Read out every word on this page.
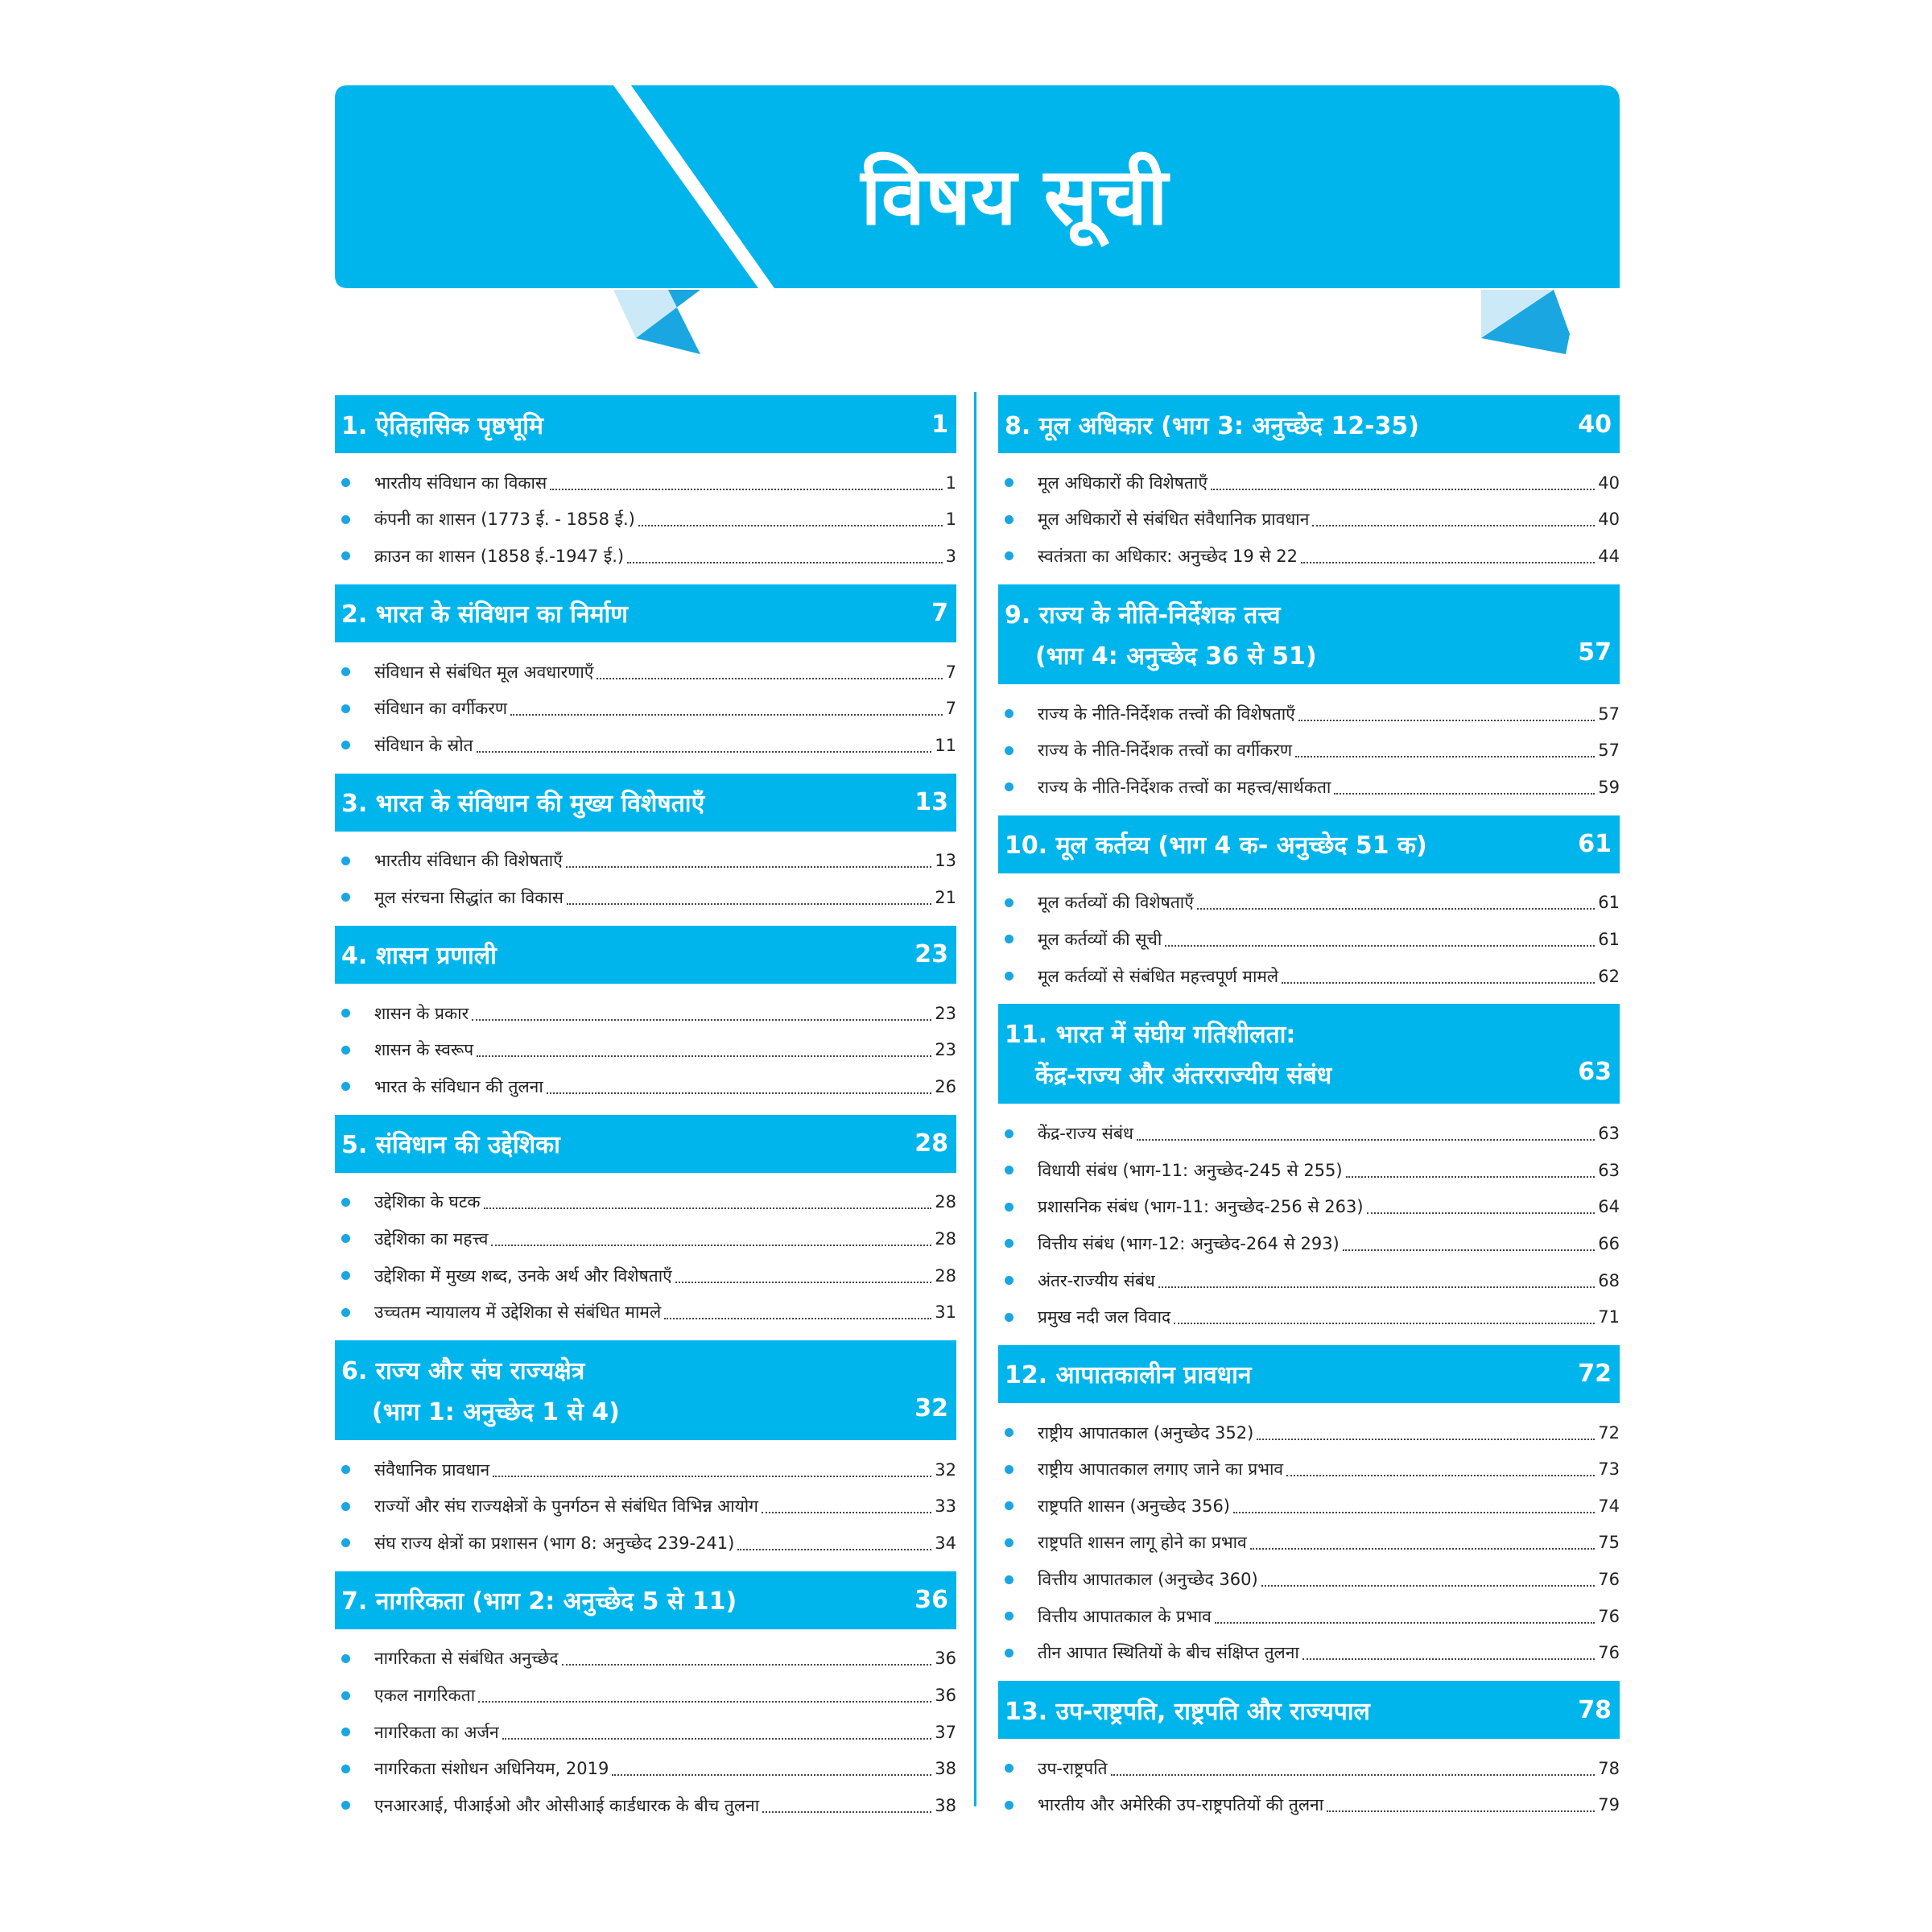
विषय सूची
1. ऐतिहासिक पृष्ठभूमि	1
भारतीय संविधान का विकास	1
कंपनी का शासन (1773 ई. - 1858 ई.)	1
क्राउन का शासन (1858 ई.-1947 ई.)	3
2. भारत के संविधान का निर्माण	7
संविधान से संबंधित मूल अवधारणाएँ	7
संविधान का वर्गीकरण	7
संविधान के स्रोत	11
3. भारत के संविधान की मुख्य विशेषताएँ	13
भारतीय संविधान की विशेषताएँ	13
मूल संरचना सिद्धांत का विकास	21
4. शासन प्रणाली	23
शासन के प्रकार	23
शासन के स्वरूप	23
भारत के संविधान की तुलना	26
5. संविधान की उद्देशिका	28
उद्देशिका के घटक	28
उद्देशिका का महत्त्व	28
उद्देशिका में मुख्य शब्द, उनके अर्थ और विशेषताएँ	28
उच्चतम न्यायालय में उद्देशिका से संबंधित मामले	31
6. राज्य और संघ राज्यक्षेत्र
(भाग 1: अनुच्छेद 1 से 4)	32
संवैधानिक प्रावधान	32
राज्यों और संघ राज्यक्षेत्रों के पुनर्गठन से संबंधित विभिन्न आयोग	33
संघ राज्य क्षेत्रों का प्रशासन (भाग 8: अनुच्छेद 239-241)	34
7. नागरिकता (भाग 2: अनुच्छेद 5 से 11)	36
नागरिकता से संबंधित अनुच्छेद	36
एकल नागरिकता	36
नागरिकता का अर्जन	37
नागरिकता संशोधन अधिनियम, 2019	38
एनआरआई, पीआईओ और ओसीआई कार्डधारक के बीच तुलना	38
8. मूल अधिकार (भाग 3: अनुच्छेद 12-35)	40
मूल अधिकारों की विशेषताएँ	40
मूल अधिकारों से संबंधित संवैधानिक प्रावधान	40
स्वतंत्रता का अधिकार: अनुच्छेद 19 से 22	44
9. राज्य के नीति-निर्देशक तत्त्व
(भाग 4: अनुच्छेद 36 से 51)	57
राज्य के नीति-निर्देशक तत्त्वों की विशेषताएँ	57
राज्य के नीति-निर्देशक तत्त्वों का वर्गीकरण	57
राज्य के नीति-निर्देशक तत्त्वों का महत्त्व/सार्थकता	59
10. मूल कर्तव्य (भाग 4 क- अनुच्छेद 51 क)	61
मूल कर्तव्यों की विशेषताएँ	61
मूल कर्तव्यों की सूची	61
मूल कर्तव्यों से संबंधित महत्त्वपूर्ण मामले	62
11. भारत में संघीय गतिशीलता:
केंद्र-राज्य और अंतरराज्यीय संबंध	63
केंद्र-राज्य संबंध	63
विधायी संबंध (भाग-11: अनुच्छेद-245 से 255)	63
प्रशासनिक संबंध (भाग-11: अनुच्छेद-256 से 263)	64
वित्तीय संबंध (भाग-12: अनुच्छेद-264 से 293)	66
अंतर-राज्यीय संबंध	68
प्रमुख नदी जल विवाद	71
12. आपातकालीन प्रावधान	72
राष्ट्रीय आपातकाल (अनुच्छेद 352)	72
राष्ट्रीय आपातकाल लगाए जाने का प्रभाव	73
राष्ट्रपति शासन (अनुच्छेद 356)	74
राष्ट्रपति शासन लागू होने का प्रभाव	75
वित्तीय आपातकाल (अनुच्छेद 360)	76
वित्तीय आपातकाल के प्रभाव	76
तीन आपात स्थितियों के बीच संक्षिप्त तुलना	76
13. उप-राष्ट्रपति, राष्ट्रपति और राज्यपाल	78
उप-राष्ट्रपति	78
भारतीय और अमेरिकी उप-राष्ट्रपतियों की तुलना	79
